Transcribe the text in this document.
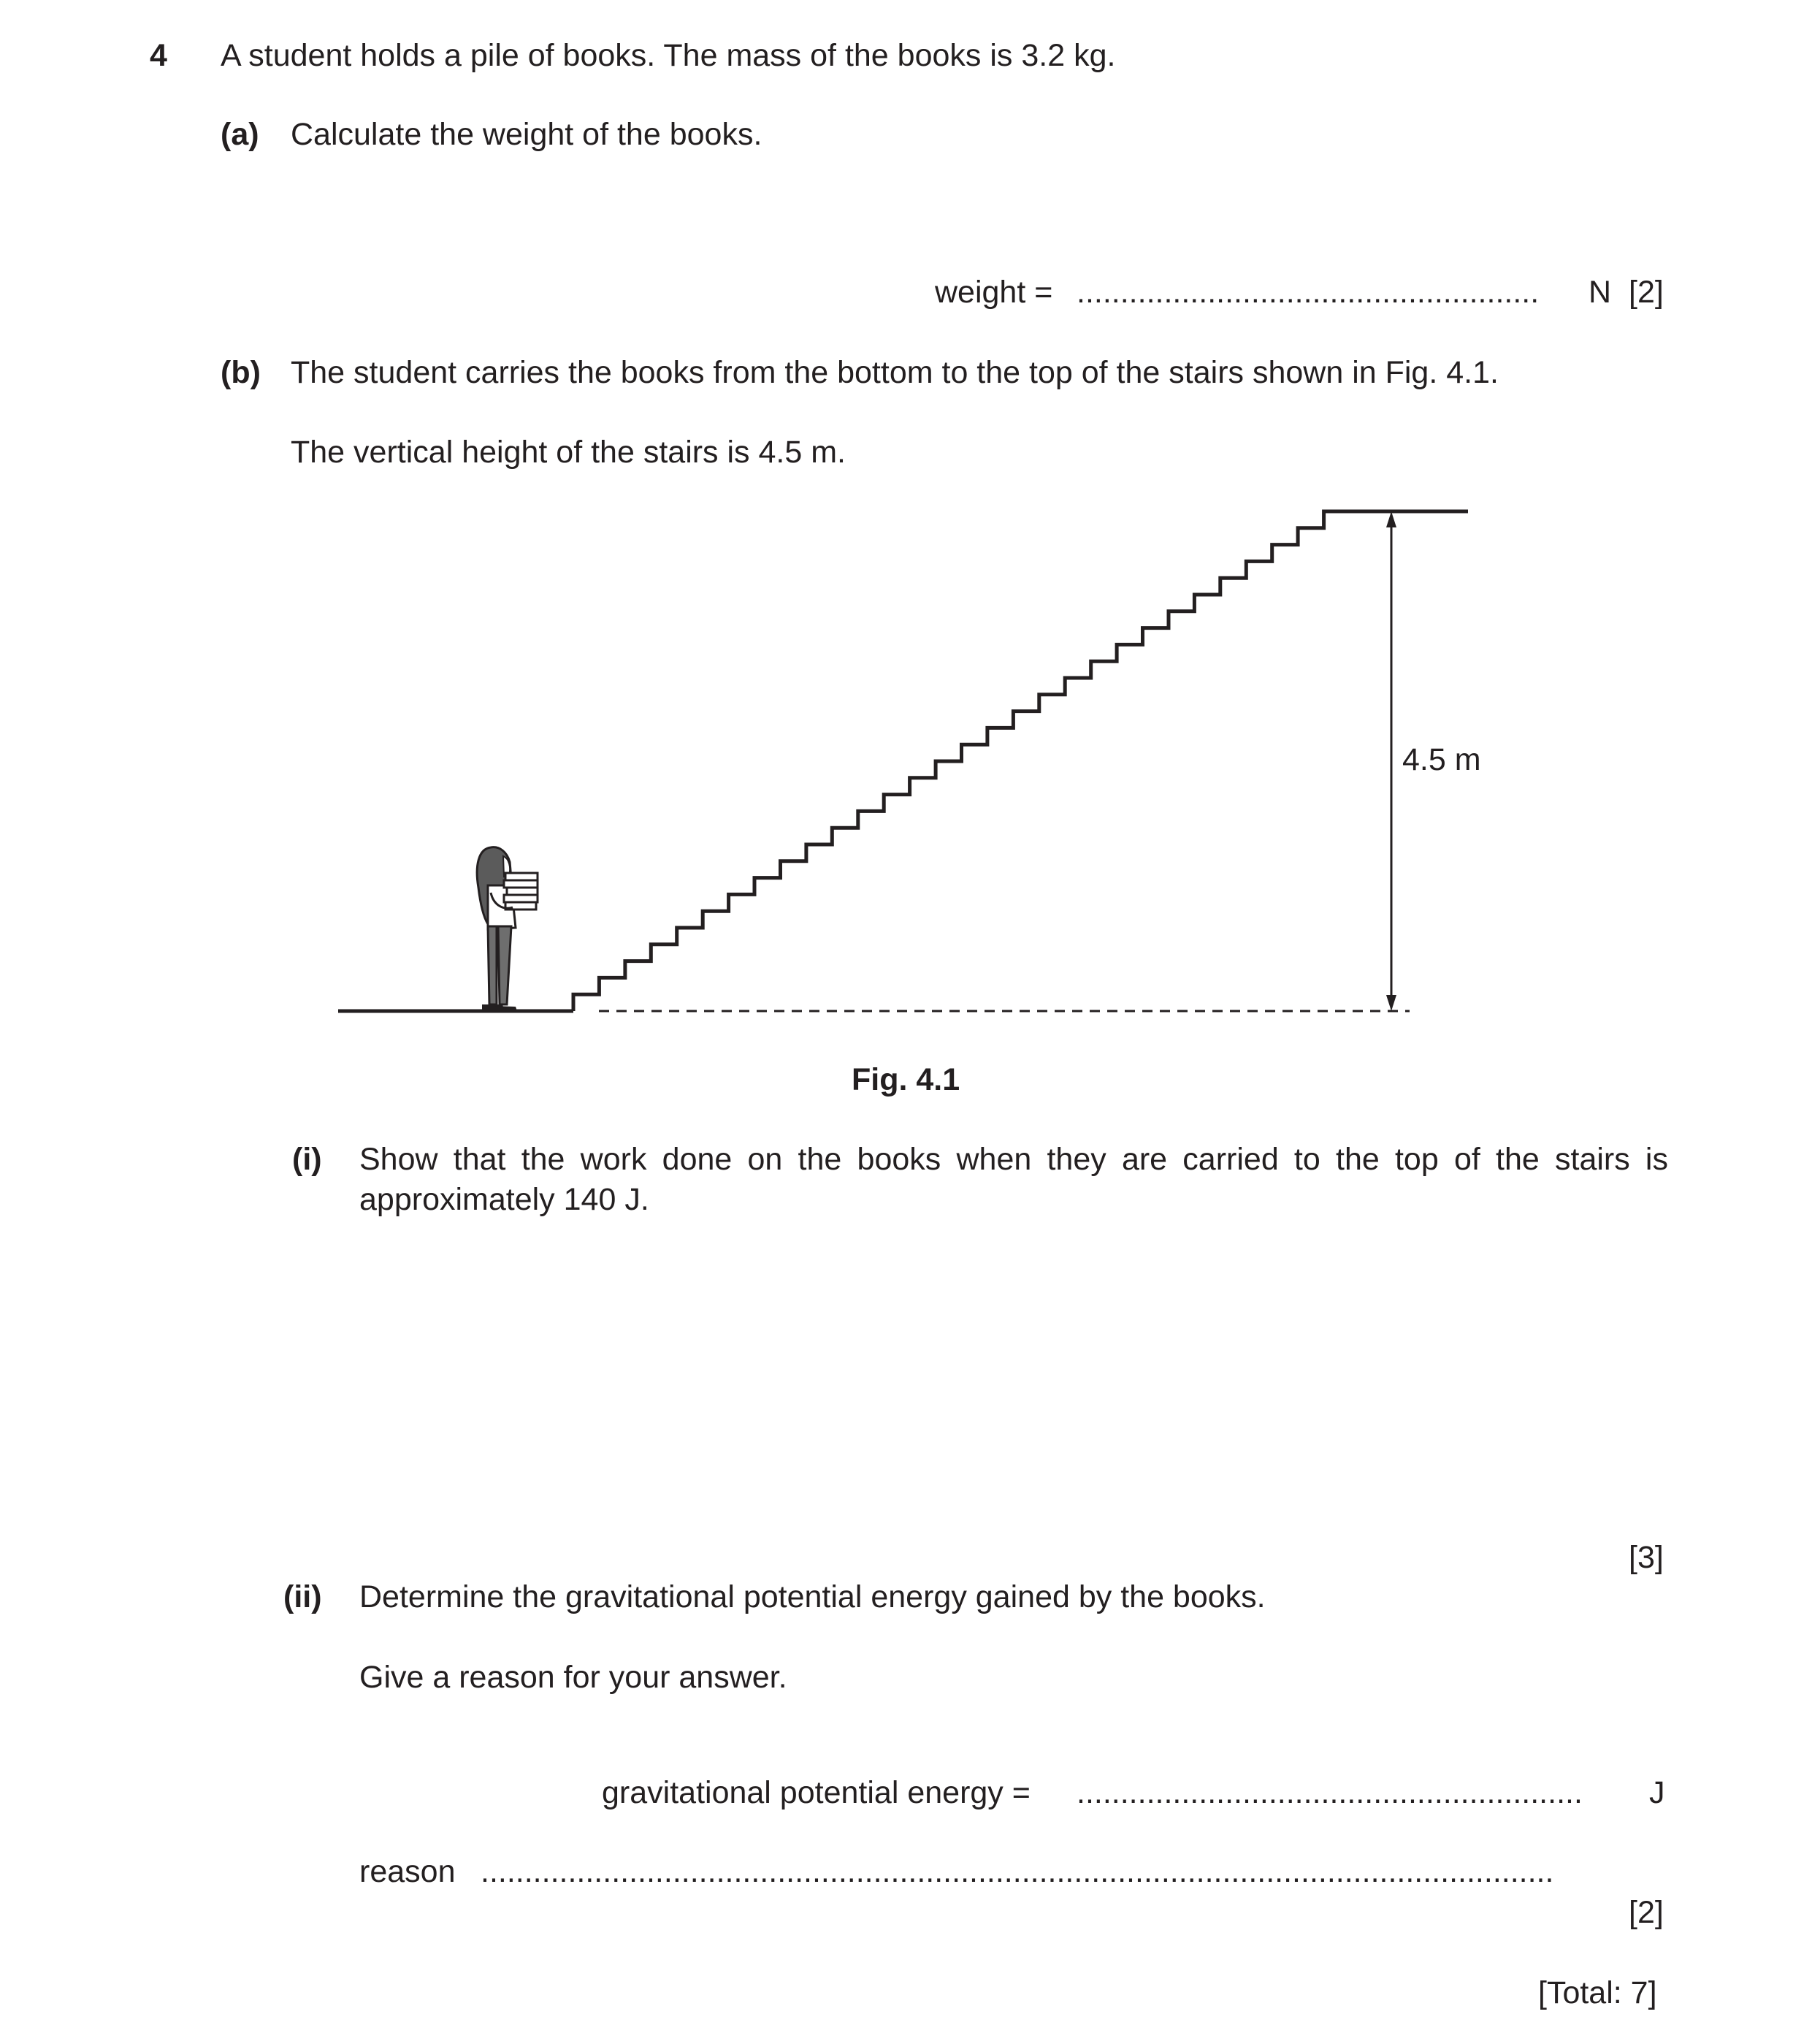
4 A student holds a pile of books. The mass of the books is 3.2 kg.
(a) Calculate the weight of the books.
weight = ..................................................... N [2]
(b) The student carries the books from the bottom to the top of the stairs shown in Fig. 4.1.
The vertical height of the stairs is 4.5 m.
4.5 m
Fig. 4.1
(i) Show that the work done on the books when they are carried to the top of the stairs is approximately 140 J.
[3]
(ii) Determine the gravitational potential energy gained by the books.
Give a reason for your answer.
gravitational potential energy = .......................................................... J
reason ...........................................................................................................................
[2]
[Total: 7]
